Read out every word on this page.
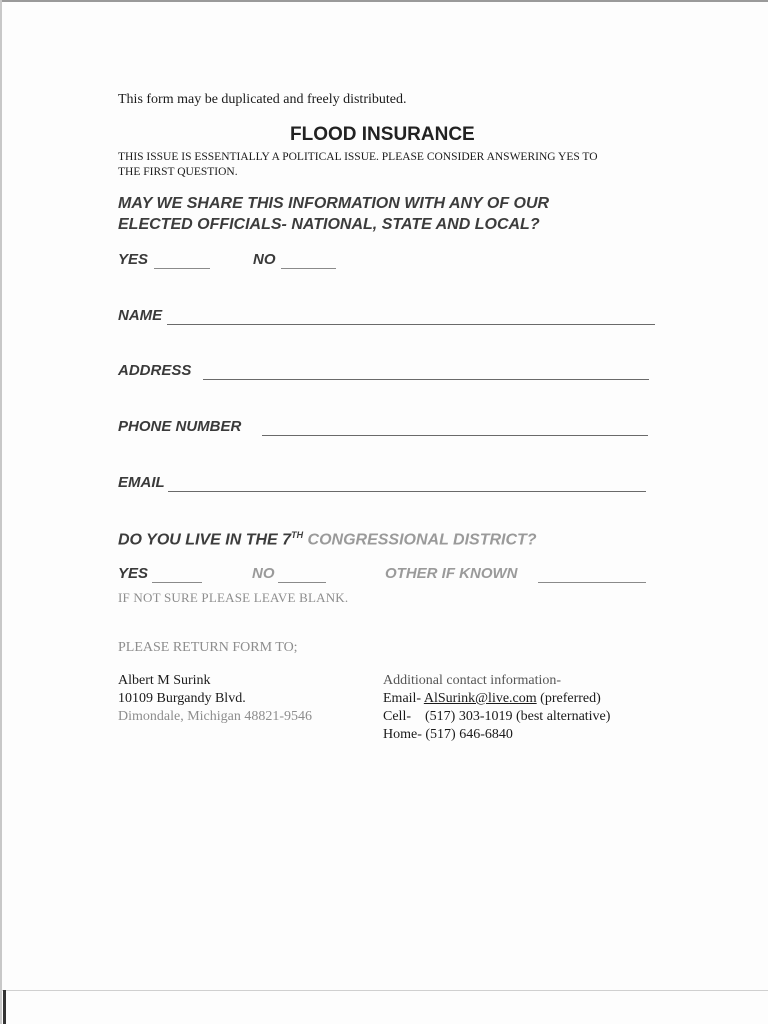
This form may be duplicated and freely distributed.
FLOOD INSURANCE
THIS ISSUE IS ESSENTIALLY A POLITICAL ISSUE. PLEASE CONSIDER ANSWERING YES TO
THE FIRST QUESTION.
MAY WE SHARE THIS INFORMATION WITH ANY OF OUR ELECTED OFFICIALS- NATIONAL, STATE AND LOCAL?
YES	NO
NAME
ADDRESS
PHONE NUMBER
EMAIL
DO YOU LIVE IN THE 7TH CONGRESSIONAL DISTRICT?
YES	NO	OTHER IF KNOWN
IF NOT SURE PLEASE LEAVE BLANK.
PLEASE RETURN FORM TO;
Albert M Surink
10109 Burgandy Blvd.
Dimondale, Michigan 48821-9546
Additional contact information-
Email- AlSurink@live.com (preferred)
Cell-    (517) 303-1019 (best alternative)
Home- (517) 646-6840
